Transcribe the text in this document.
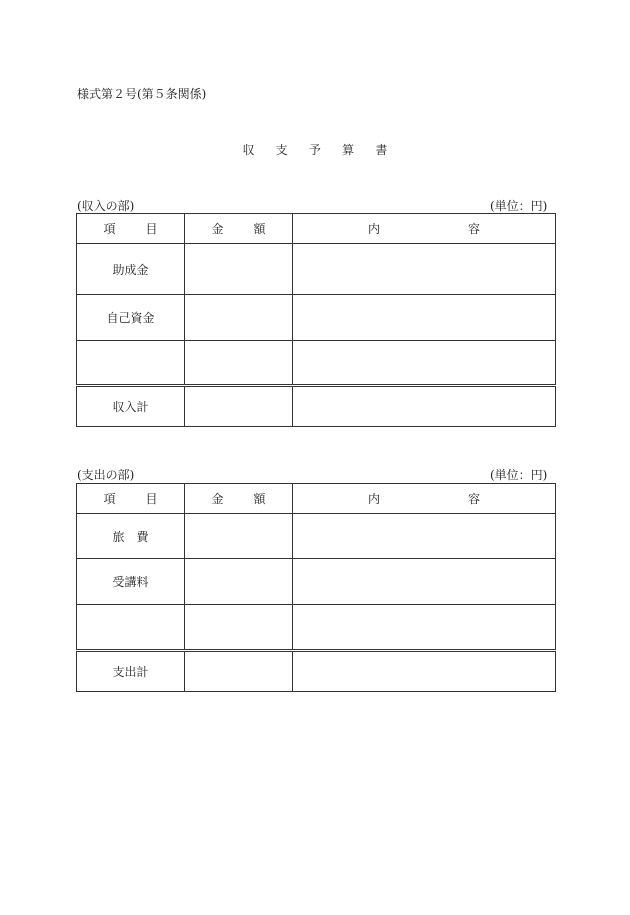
様式第２号(第５条関係)
収 支 予 算 書
(収入の部)	(単位：円)
項 目	金 額	内 容
助成金		
自己資金		

収入計		
(支出の部)	(単位：円)
項 目	金 額	内 容
旅　費		
受講料		

支出計		
